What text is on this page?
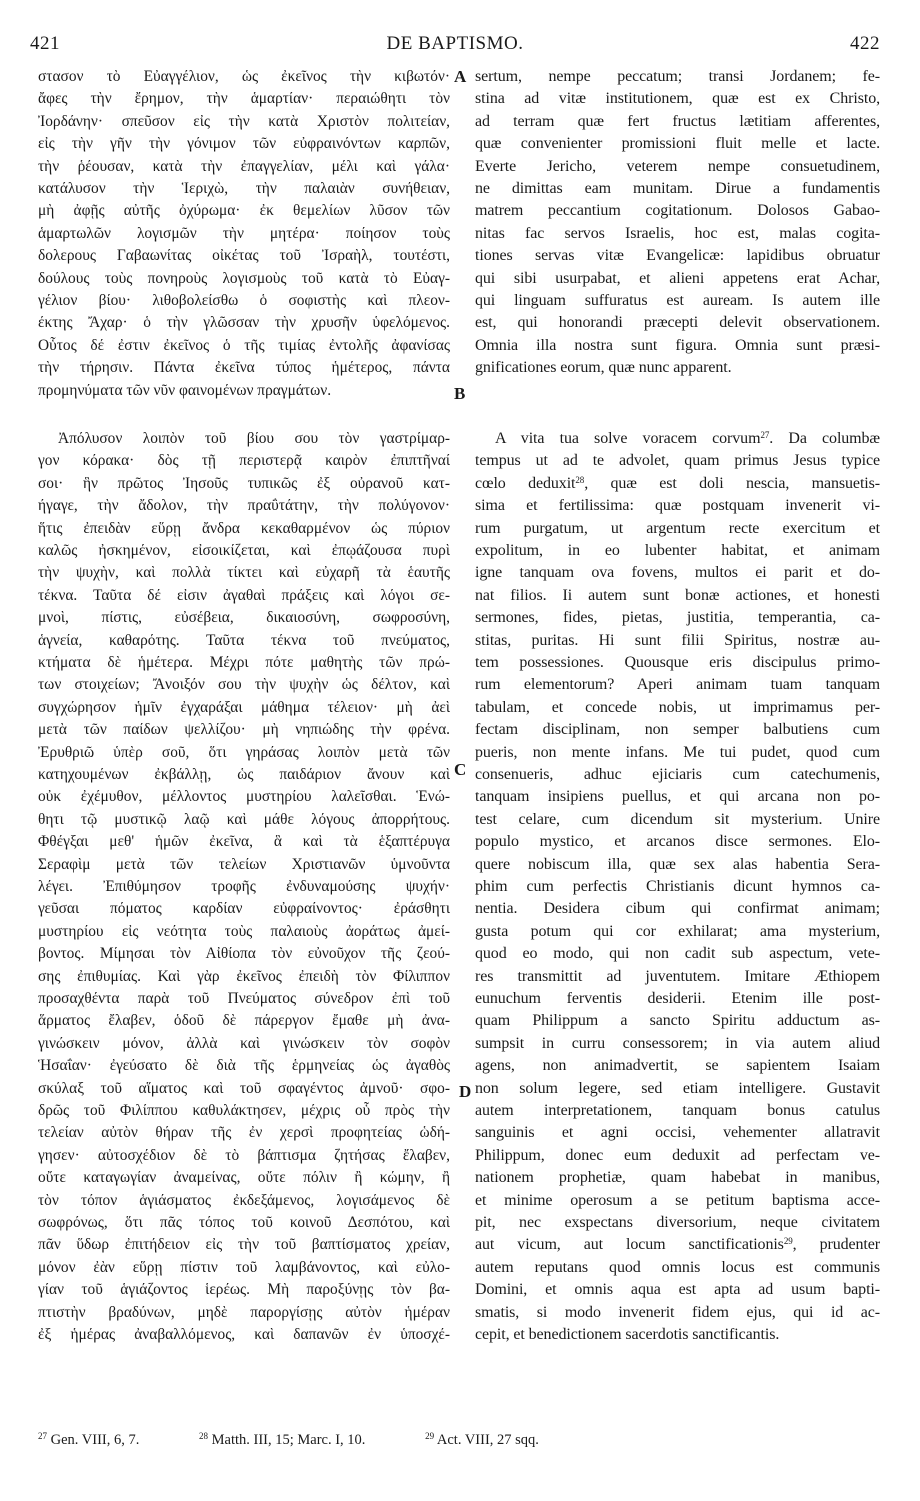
421	DE BAPTISMO.	422
στασον τὸ Εὐαγγέλιον, ὡς ἐκεῖνος τὴν κιβωτόν·
ἄφες τὴν ἔρημον, τὴν ἁμαρτίαν· περαιώθητι τὸν
Ἰορδάνην· σπεῦσον εἰς τὴν κατὰ Χριστὸν πολιτείαν,
εἰς τὴν γῆν τὴν γόνιμον τῶν εὐφραινόντων καρπῶν,
τὴν ῥέουσαν, κατὰ τὴν ἐπαγγελίαν, μέλι καὶ γάλα·
κατάλυσον τὴν Ἱεριχὼ, τὴν παλαιὰν συνήθειαν,
μὴ ἀφῇς αὐτῆς ὀχύρωμα· ἐκ θεμελίων λῦσον τῶν
ἁμαρτωλῶν λογισμῶν τὴν μητέρα· ποίησον τοὺς
δολερους Γαβαωνίτας οἰκέτας τοῦ Ἰσραὴλ, τουτέστι,
δούλους τοὺς πονηροὺς λογισμοὺς τοῦ κατὰ τὸ Εὐαγ-
γέλιον βίου· λιθοβολείσθω ὁ σοφιστὴς καὶ πλεον-
έκτης Ἄχαρ· ὁ τὴν γλῶσσαν τὴν χρυσῆν ὑφελόμενος.
Οὗτος δέ ἐστιν ἐκεῖνος ὁ τῆς τιμίας ἐντολῆς ἀφανίσας
τὴν τήρησιν. Πάντα ἐκεῖνα τύπος ἡμέτερος, πάντα
προμηνύματα τῶν νῦν φαινομένων πραγμάτων.
Ἀπόλυσον λοιπὸν τοῦ βίου σου τὸν γαστρίμαρ-
γον κόρακα· δὸς τῇ περιστερᾷ καιρὸν ἐπιπτῆναί
σοι· ἣν πρῶτος Ἰησοῦς τυπικῶς ἐξ οὐρανοῦ κατ-
ήγαγε, τὴν ἄδολον, τὴν πραΰτάτην, τὴν πολύγονον·
ἥτις ἐπειδὰν εὕρῃ ἄνδρα κεκαθαρμένον ὡς πύριον
καλῶς ἠσκημένον, εἰσοικίζεται, καὶ ἐπῳάζουσα πυρὶ
τὴν ψυχὴν, καὶ πολλὰ τίκτει καὶ εὐχαρῆ τὰ ἑαυτῆς
τέκνα. Ταῦτα δέ εἰσιν ἀγαθαὶ πράξεις καὶ λόγοι σε-
μνοὶ, πίστις, εὐσέβεια, δικαιοσύνη, σωφροσύνη,
ἁγνεία, καθαρότης. Ταῦτα τέκνα τοῦ πνεύματος,
κτήματα δὲ ἡμέτερα. Μέχρι πότε μαθητὴς τῶν πρώ-
των στοιχείων; Ἄνοιξόν σου τὴν ψυχὴν ὡς δέλτον, καὶ
συγχώρησον ἡμῖν ἐγχαράξαι μάθημα τέλειον· μὴ ἀεὶ
μετὰ τῶν παίδων ψελλίζου· μὴ νηπιώδης τὴν φρένα.
Ἐρυθριῶ ὑπὲρ σοῦ, ὅτι γηράσας λοιπὸν μετὰ τῶν
κατηχουμένων ἐκβάλλῃ, ὡς παιδάριον ἄνουν καὶ
οὐκ ἐχέμυθον, μέλλοντος μυστηρίου λαλεῖσθαι. Ἑνώ-
θητι τῷ μυστικῷ λαῷ καὶ μάθε λόγους ἀπορρήτους.
Φθέγξαι μεθ' ἡμῶν ἐκεῖνα, ἃ καὶ τὰ ἑξαπτέρυγα
Σεραφὶμ μετὰ τῶν τελείων Χριστιανῶν ὑμνοῦντα
λέγει. Ἐπιθύμησον τροφῆς ἐνδυναμούσης ψυχήν·
γεῦσαι πόματος καρδίαν εὐφραίνοντος· ἐράσθητι
μυστηρίου εἰς νεότητα τοὺς παλαιοὺς ἀοράτως ἀμεί-
βοντος. Μίμησαι τὸν Αἰθίοπα τὸν εὐνοῦχον τῆς ζεού-
σης ἐπιθυμίας. Καὶ γὰρ ἐκεῖνος ἐπειδὴ τὸν Φίλιππον
προσαχθέντα παρὰ τοῦ Πνεύματος σύνεδρον ἐπὶ τοῦ
ἅρματος ἔλαβεν, ὁδοῦ δὲ πάρεργον ἔμαθε μὴ ἀνα-
γινώσκειν μόνον, ἀλλὰ καὶ γινώσκειν τὸν σοφὸν
Ἡσαΐαν· ἐγεύσατο δὲ διὰ τῆς ἑρμηνείας ὡς ἀγαθὸς
σκύλαξ τοῦ αἵματος καὶ τοῦ σφαγέντος ἀμνοῦ· σφο-
δρῶς τοῦ Φιλίππου καθυλάκτησεν, μέχρις οὗ πρὸς τὴν
τελείαν αὐτὸν θήραν τῆς ἐν χερσὶ προφητείας ὡδή-
γησεν· αὐτοσχέδιον δὲ τὸ βάπτισμα ζητήσας ἔλαβεν,
οὔτε καταγωγίαν ἀναμείνας, οὔτε πόλιν ἢ κώμην, ἢ
τὸν τόπον ἁγιάσματος ἐκδεξάμενος, λογισάμενος δὲ
σωφρόνως, ὅτι πᾶς τόπος τοῦ κοινοῦ Δεσπότου, καὶ
πᾶν ὕδωρ ἐπιτήδειον εἰς τὴν τοῦ βαπτίσματος χρείαν,
μόνον ἐὰν εὕρῃ πίστιν τοῦ λαμβάνοντος, καὶ εὐλο-
γίαν τοῦ ἁγιάζοντος ἱερέως. Μὴ παροξύνῃς τὸν βα-
πτιστὴν βραδύνων, μηδὲ παροργίσῃς αὐτὸν ἡμέραν
ἐξ ἡμέρας ἀναβαλλόμενος, καὶ δαπανῶν ἐν ὑποσχέ-
sertum, nempe peccatum; transi Jordanem; fe-
stina ad vitæ institutionem, quæ est ex Christo,
ad terram quæ fert fructus lætitiam afferentes,
quæ convenienter promissioni fluit melle et lacte.
Everte Jericho, veterem nempe consuetudinem,
ne dimittas eam munitam. Dirue a fundamentis
matrem peccantium cogitationum. Dolosos Gabao-
nitas fac servos Israelis, hoc est, malas cogita-
tiones servas vitæ Evangelicæ: lapidibus obruatur
qui sibi usurpabat, et alieni appetens erat Achar,
qui linguam suffuratus est auream. Is autem ille
est, qui honorandi præcepti delevit observationem.
Omnia illa nostra sunt figura. Omnia sunt præsi-
gnificationes eorum, quæ nunc apparent.
A vita tua solve voracem corvum$^{27}$. Da columbæ
tempus ut ad te advolet, quam primus Jesus typice
cœlo deduxit$^{28}$, quæ est doli nescia, mansuetis-
sima et fertilissima: quæ postquam invenerit vi-
rum purgatum, ut argentum recte exercitum et
expolitum, in eo lubenter habitat, et animam
igne tanquam ova fovens, multos ei parit et do-
nat filios. Ii autem sunt bonæ actiones, et honesti
sermones, fides, pietas, justitia, temperantia, ca-
stitas, puritas. Hi sunt filii Spiritus, nostræ au-
tem possessiones. Quousque eris discipulus primo-
rum elementorum? Aperi animam tuam tanquam
tabulam, et concede nobis, ut imprimamus per-
fectam disciplinam, non semper balbutiens cum
pueris, non mente infans. Me tui pudet, quod cum
consenueris, adhuc ejiciaris cum catechumenis,
tanquam insipiens puellus, et qui arcana non po-
test celare, cum dicendum sit mysterium. Unire
populo mystico, et arcanos disce sermones. Elo-
quere nobiscum illa, quæ sex alas habentia Sera-
phim cum perfectis Christianis dicunt hymnos ca-
nentia. Desidera cibum qui confirmat animam;
gusta potum qui cor exhilarat; ama mysterium,
quod eo modo, qui non cadit sub aspectum, vete-
res transmittit ad juventutem. Imitare Æthiopem
eunuchum ferventis desiderii. Etenim ille post-
quam Philippum a sancto Spiritu adductum as-
sumpsit in curru consessorem; in via autem aliud
agens, non animadvertit, se sapientem Isaiam
non solum legere, sed etiam intelligere. Gustavit
autem interpretationem, tanquam bonus catulus
sanguinis et agni occisi, vehementer allatravit
Philippum, donec eum deduxit ad perfectam ve-
nationem prophetiæ, quam habebat in manibus,
et minime operosum a se petitum baptisma acce-
pit, nec exspectans diversorium, neque civitatem
aut vicum, aut locum sanctificationis$^{29}$, prudenter
autem reputans quod omnis locus est communis
Domini, et omnis aqua est apta ad usum bapti-
smatis, si modo invenerit fidem ejus, qui id ac-
cepit, et benedictionem sacerdotis sanctificantis.
A
B
C
D
$^{27}$ Gen. VIII, 6, 7.	$^{28}$ Matth. III, 15; Marc. I, 10.	$^{29}$ Act. VIII, 27 sqq.
